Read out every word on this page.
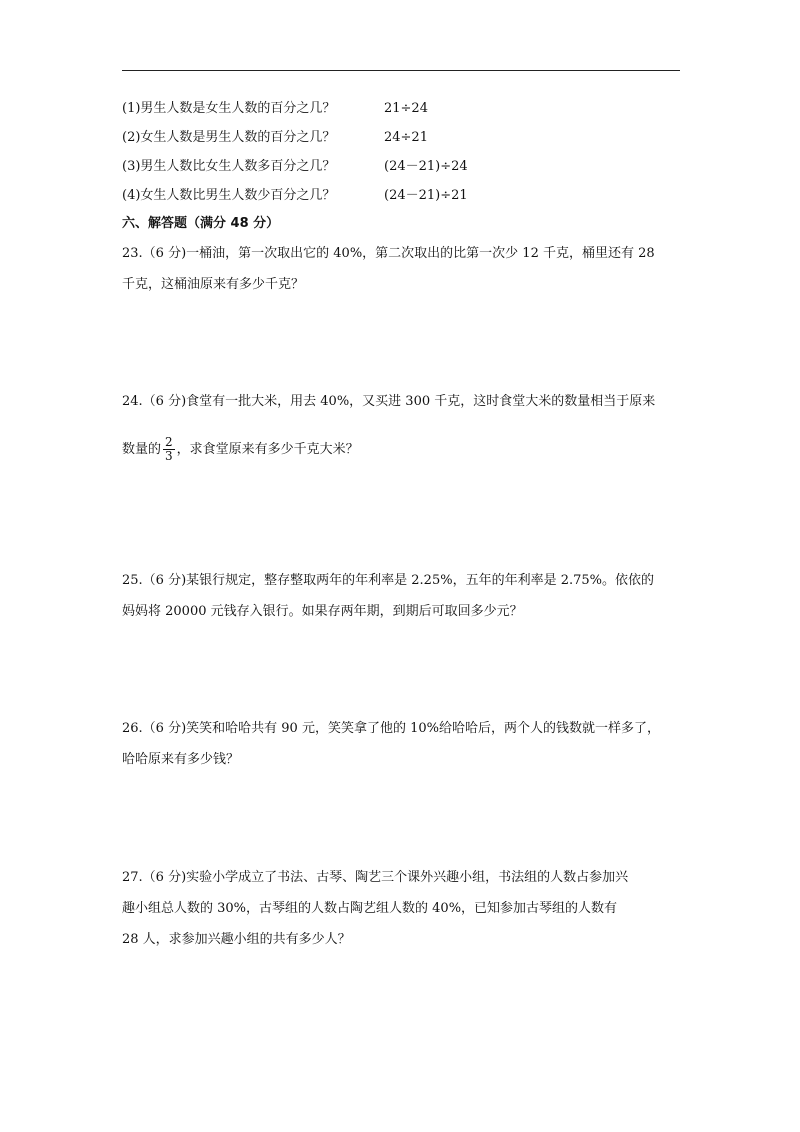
(1)男生人数是女生人数的百分之几？	21÷24
(2)女生人数是男生人数的百分之几？	24÷21
(3)男生人数比女生人数多百分之几？	(24－21)÷24
(4)女生人数比男生人数少百分之几？	(24－21)÷21
六、解答题（满分 48 分）
23.（6 分)一桶油，第一次取出它的 40%，第二次取出的比第一次少 12 千克，桶里还有 28
千克，这桶油原来有多少千克？
24.（6 分)食堂有一批大米，用去 40%，又买进 300 千克，这时食堂大米的数量相当于原来
数量的 $\frac{2}{3}$ ，求食堂原来有多少千克大米？
25.（6 分)某银行规定，整存整取两年的年利率是 2.25%，五年的年利率是 2.75%。依依的
妈妈将 20000 元钱存入银行。如果存两年期，到期后可取回多少元？
26.（6 分)笑笑和哈哈共有 90 元，笑笑拿了他的 10%给哈哈后，两个人的钱数就一样多了，
哈哈原来有多少钱？
27.（6 分)实验小学成立了书法、古琴、陶艺三个课外兴趣小组，书法组的人数占参加兴
趣小组总人数的 30%，古琴组的人数占陶艺组人数的 40%，已知参加古琴组的人数有
28 人，求参加兴趣小组的共有多少人？
